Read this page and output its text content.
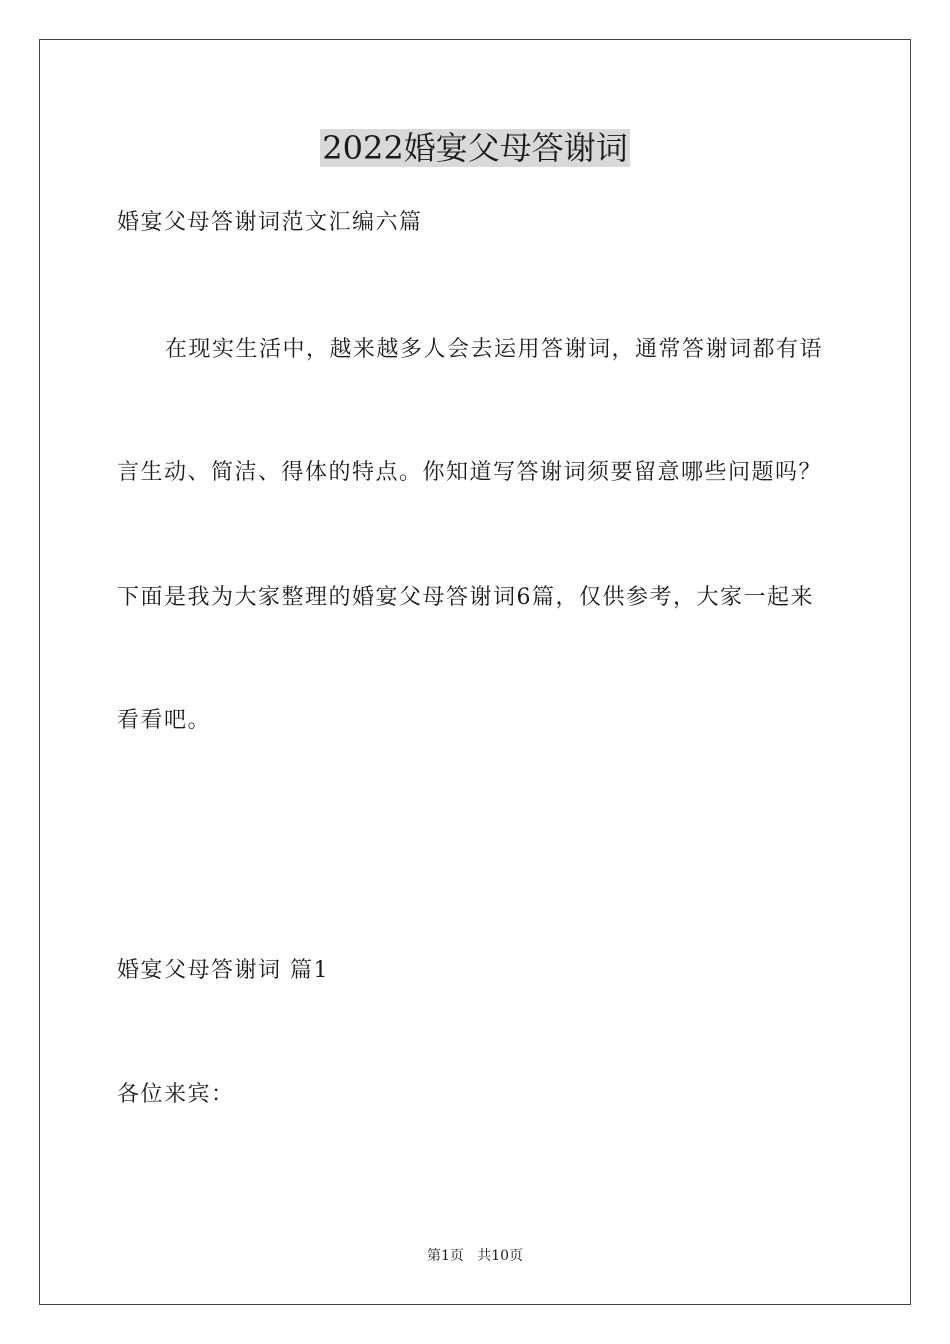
2022婚宴父母答谢词
婚宴父母答谢词范文汇编六篇
在现实生活中，越来越多人会去运用答谢词，通常答谢词都有语
言生动、简洁、得体的特点。你知道写答谢词须要留意哪些问题吗？
下面是我为大家整理的婚宴父母答谢词6篇，仅供参考，大家一起来
看看吧。
婚宴父母答谢词 篇1
各位来宾：
第1页   共10页
